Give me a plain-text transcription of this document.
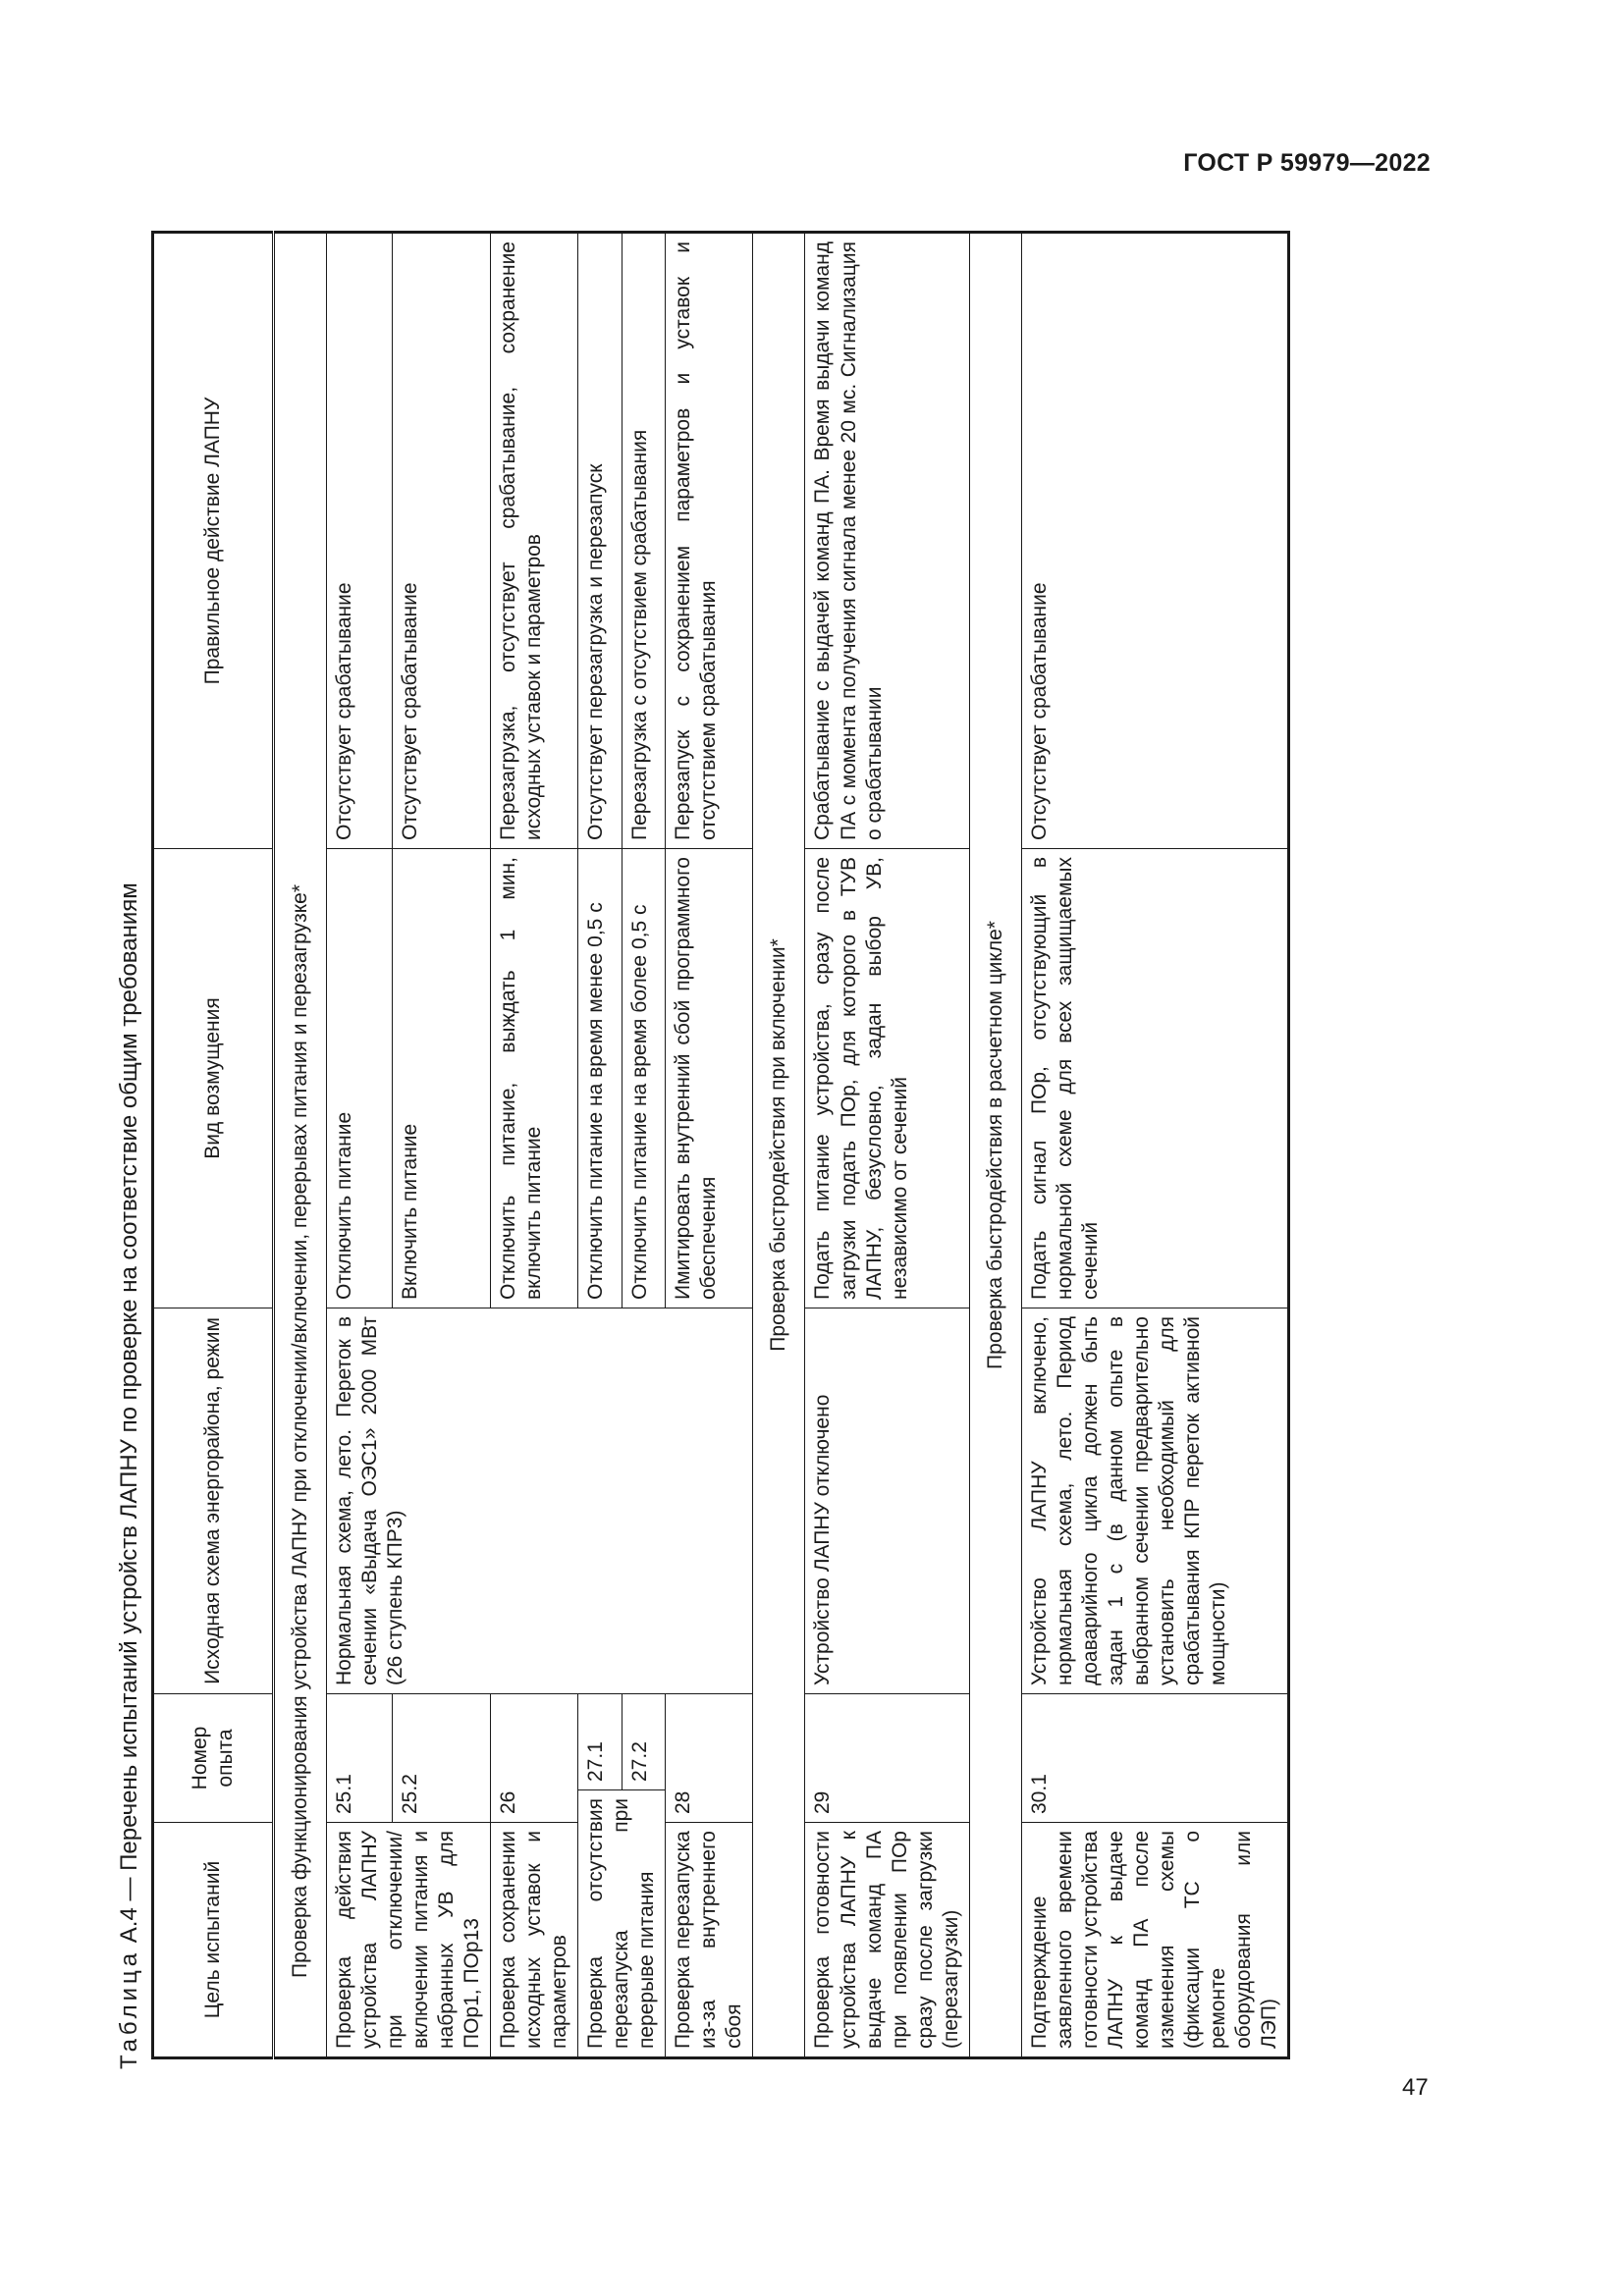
ГОСТ Р 59979—2022
Таблица А.4 — Перечень испытаний устройств ЛАПНУ по проверке на соответствие общим требованиям	Цель испытаний	Номер опыта		Исходная схема энергорайона, режим	Вид возмущения	Правильное действие ЛАПНУ
Проверка функционирования устройства ЛАПНУ при отключении/включении, перерывах питания и перезагрузке*					
Проверка действия устройства ЛАПНУ при отключении/включении питания и набранных УВ для ПОр1, ПОр13	25.1		Нормальная схема, лето. Переток в сечении «Выдача ОЭС1» 2000 МВт (26 ступень КПР3)	Отключить питание	Отсутствует срабатывание
	25.2			Включить питание	Отсутствует срабатывание
Проверка сохранении исходных уставок и параметров	26			Отключить питание, выждать 1 мин, включить питание	Перезагрузка, отсутствует срабатывание, сохранение исходных уставок и параметров
Проверка отсутствия перезапуска при перерыве питания		27.1		Отключить питание на время менее 0,5 с	Отсутствует перезагрузка и перезапуск
		27.2		Отключить питание на время более 0,5 с	Перезагрузка с отсутствием срабатывания
Проверка перезапуска из-за внутреннего сбоя	28			Имитировать внутренний сбой программного обеспечения	Перезапуск с сохранением параметров и уставок и отсутствием срабатывания
Проверка быстродействия при включении*					
Проверка готовности устройства ЛАПНУ к выдаче команд ПА при появлении ПОр сразу после загрузки (перезагрузки)	29		Устройство ЛАПНУ отключено	Подать питание устройства, сразу после загрузки подать ПОр, для которого в ТУВ ЛАПНУ, безусловно, задан выбор УВ, независимо от сечений	Срабатывание с выдачей команд ПА. Время выдачи команд ПА с момента получения сигнала менее 20 мс. Сигнализация о срабатывании
Проверка быстродействия в расчетном цикле*					
Подтверждение заявленного времени готовности устройства ЛАПНУ к выдаче команд ПА после изменения схемы (фиксации ТС о ремонте оборудования или ЛЭП)	30.1		Устройство ЛАПНУ включено, нормальная схема, лето. Период доаварийного цикла должен быть задан 1 с (в данном опыте в выбранном сечении предварительно установить необходимый для срабатывания КПР переток активной мощности)	Подать сигнал ПОр, отсутствующий в нормальной схеме для всех защищаемых сечений	Отсутствует срабатывание
47
